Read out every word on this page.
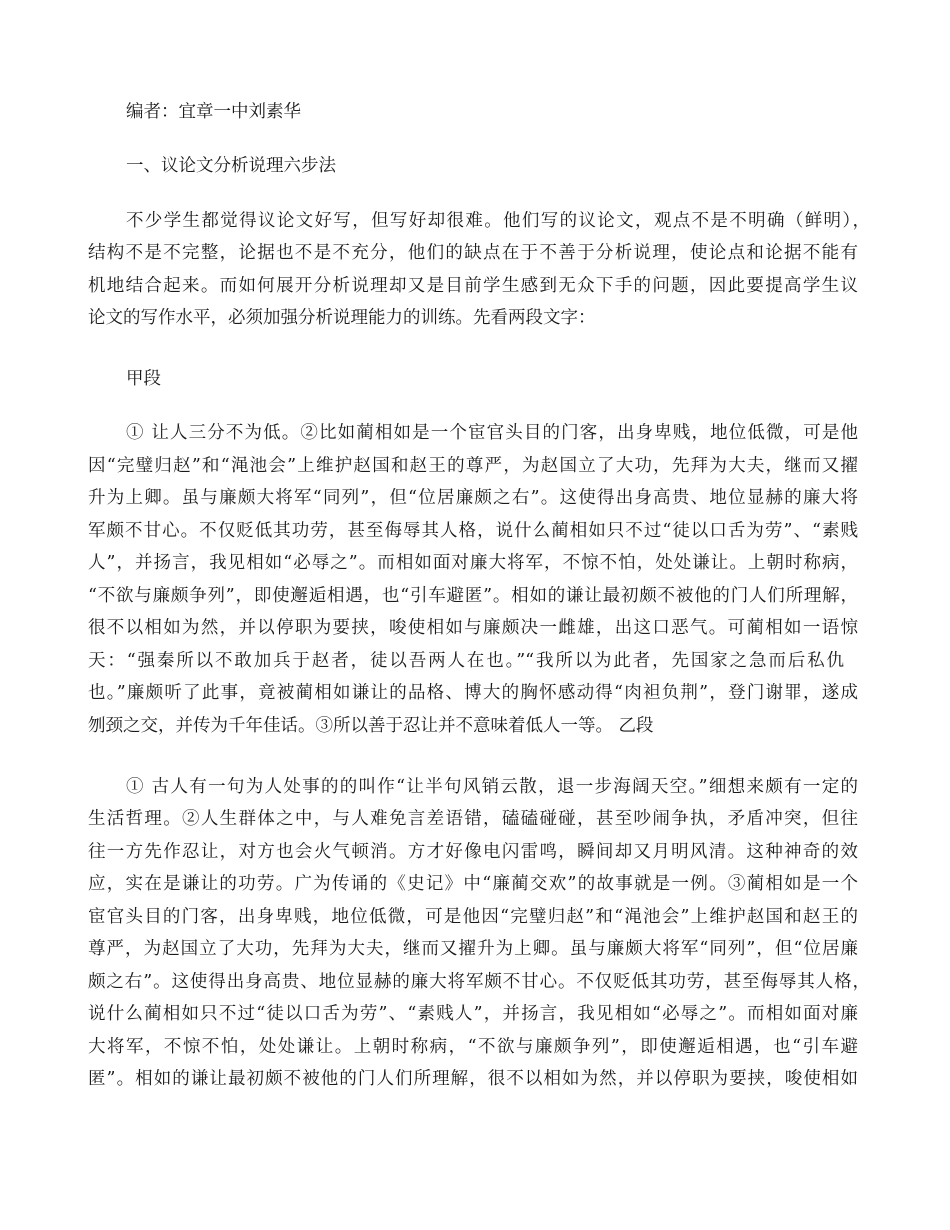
编者：宜章一中刘素华
一、议论文分析说理六步法
不少学生都觉得议论文好写，但写好却很难。他们写的议论文，观点不是不明确（鲜明），
结构不是不完整，论据也不是不充分，他们的缺点在于不善于分析说理，使论点和论据不能有
机地结合起来。而如何展开分析说理却又是目前学生感到无众下手的问题，因此要提高学生议
论文的写作水平，必须加强分析说理能力的训练。先看两段文字：
甲段
① 让人三分不为低。②比如蔺相如是一个宦官头目的门客，出身卑贱，地位低微，可是他
因“完璧归赵”和“渑池会”上维护赵国和赵王的尊严，为赵国立了大功，先拜为大夫，继而又擢
升为上卿。虽与廉颇大将军“同列”，但“位居廉颇之右”。这使得出身高贵、地位显赫的廉大将
军颇不甘心。不仅贬低其功劳，甚至侮辱其人格，说什么蔺相如只不过“徒以口舌为劳”、“素贱
人”，并扬言，我见相如“必辱之”。而相如面对廉大将军，不惊不怕，处处谦让。上朝时称病，
“不欲与廉颇争列”，即使邂逅相遇，也“引车避匿”。相如的谦让最初颇不被他的门人们所理解，
很不以相如为然，并以停职为要挟，唆使相如与廉颇决一雌雄，出这口恶气。可蔺相如一语惊
天：“强秦所以不敢加兵于赵者，徒以吾两人在也。”“我所以为此者，先国家之急而后私仇
也。”廉颇听了此事，竟被蔺相如谦让的品格、博大的胸怀感动得“肉袒负荆”，登门谢罪，遂成
刎颈之交，并传为千年佳话。③所以善于忍让并不意味着低人一等。 乙段
① 古人有一句为人处事的的叫作“让半句风销云散，退一步海阔天空。”细想来颇有一定的
生活哲理。②人生群体之中，与人难免言差语错，磕磕碰碰，甚至吵闹争执，矛盾冲突，但往
往一方先作忍让，对方也会火气顿消。方才好像电闪雷鸣，瞬间却又月明风清。这种神奇的效
应，实在是谦让的功劳。广为传诵的《史记》中“廉蔺交欢”的故事就是一例。③蔺相如是一个
宦官头目的门客，出身卑贱，地位低微，可是他因“完璧归赵”和“渑池会”上维护赵国和赵王的
尊严，为赵国立了大功，先拜为大夫，继而又擢升为上卿。虽与廉颇大将军“同列”，但“位居廉
颇之右”。这使得出身高贵、地位显赫的廉大将军颇不甘心。不仅贬低其功劳，甚至侮辱其人格，
说什么蔺相如只不过“徒以口舌为劳”、“素贱人”，并扬言，我见相如“必辱之”。而相如面对廉
大将军，不惊不怕，处处谦让。上朝时称病，“不欲与廉颇争列”，即使邂逅相遇，也“引车避
匿”。相如的谦让最初颇不被他的门人们所理解，很不以相如为然，并以停职为要挟，唆使相如
